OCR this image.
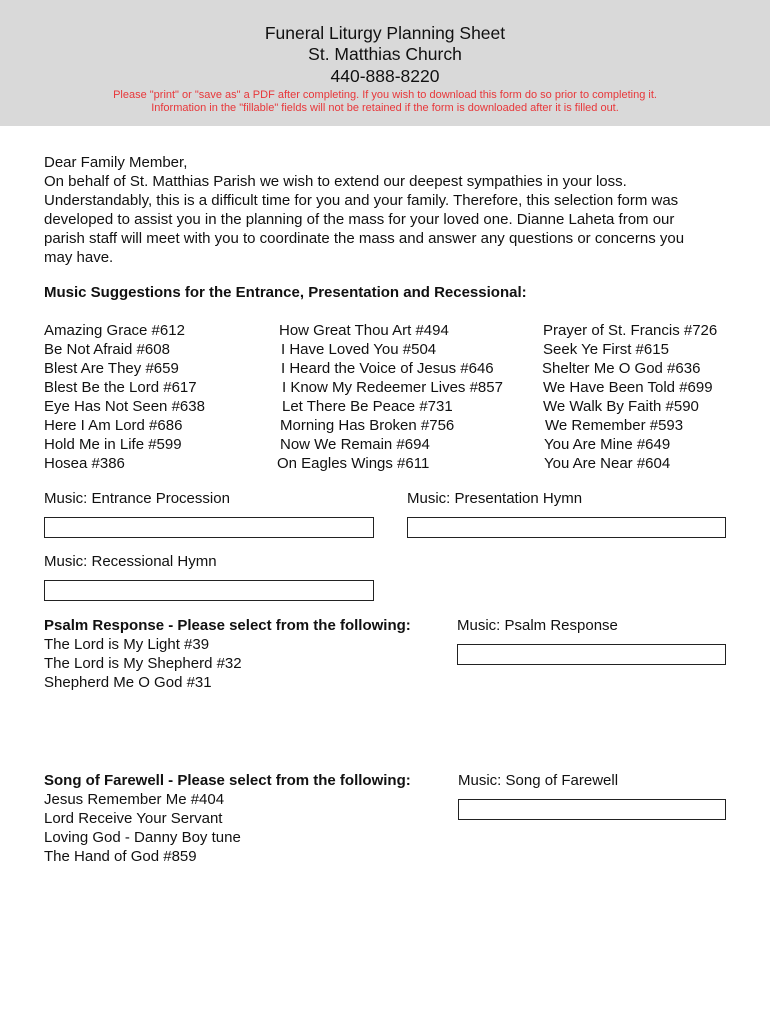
Funeral Liturgy Planning Sheet
St. Matthias Church
440-888-8220
Please "print" or "save as" a PDF after completing. If you wish to download this form do so prior to completing it.
Information in the "fillable" fields will not be retained if the form is downloaded after it is filled out.
Dear Family Member,
On behalf of St. Matthias Parish we wish to extend our deepest sympathies in your loss.
Understandably, this is a difficult time for you and your family. Therefore, this selection form was
developed to assist you in the planning of the mass for your loved one. Dianne Laheta from our
parish staff will meet with you to coordinate the mass and answer any questions or concerns you
may have.
Music Suggestions for the Entrance, Presentation and Recessional:
Amazing Grace #612
Be Not Afraid #608
Blest Are They #659
Blest Be the Lord #617
Eye Has Not Seen #638
Here I Am Lord #686
Hold Me in Life #599
Hosea #386
How Great Thou Art #494
I Have Loved You #504
I Heard the Voice of Jesus #646
I Know My Redeemer Lives #857
Let There Be Peace #731
Morning Has Broken #756
Now We Remain #694
On Eagles Wings #611
Prayer of St. Francis #726
Seek Ye First #615
Shelter Me O God #636
We Have Been Told #699
We Walk By Faith #590
We Remember #593
You Are Mine #649
You Are Near #604
Music: Entrance Procession	Music: Presentation Hymn
Music: Recessional Hymn
Psalm Response - Please select from the following:
The Lord is My Light #39
The Lord is My Shepherd #32
Shepherd Me O God #31
Music: Psalm Response
Song of Farewell - Please select from the following:
Jesus Remember Me #404
Lord Receive Your Servant
Loving God - Danny Boy tune
The Hand of God #859
Music: Song of Farewell
